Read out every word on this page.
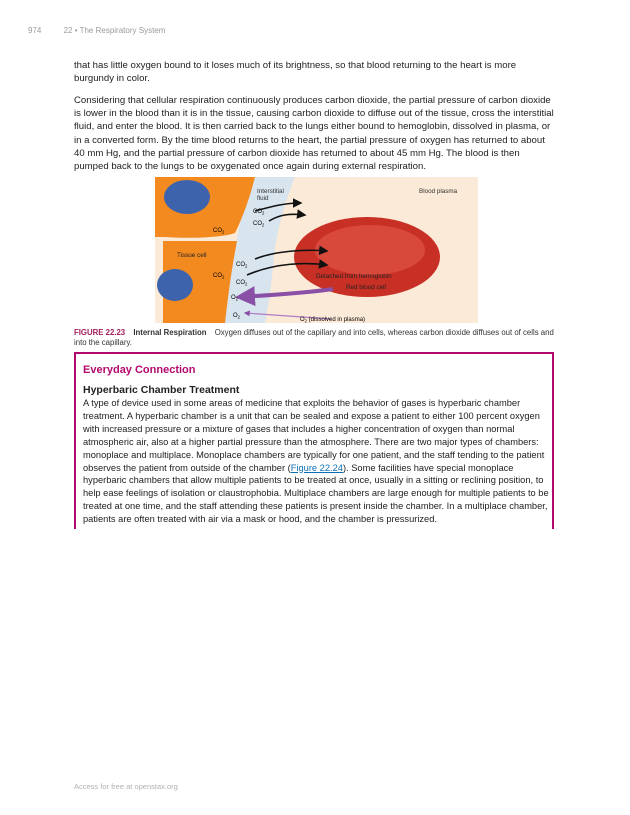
974	22 • The Respiratory System

that has little oxygen bound to it loses much of its brightness, so that blood returning to the heart is more burgundy in color.

Considering that cellular respiration continuously produces carbon dioxide, the partial pressure of carbon dioxide is lower in the blood than it is in the tissue, causing carbon dioxide to diffuse out of the tissue, cross the interstitial fluid, and enter the blood. It is then carried back to the lungs either bound to hemoglobin, dissolved in plasma, or in a converted form. By the time blood returns to the heart, the partial pressure of oxygen has returned to about 40 mm Hg, and the partial pressure of carbon dioxide has returned to about 45 mm Hg. The blood is then pumped back to the lungs to be oxygenated once again during external respiration.

Interstitial
fluid
Blood plasma
Tissue cell
Detached from hemoglobin
Red blood cell
$CO_2$
$CO_2$
$CO_2$
$CO_2$
$CO_2$
$CO_2$
$O_2$
$O_2$	$O_2$ (dissolved in plasma)
FIGURE 22.23 Internal Respiration Oxygen diffuses out of the capillary and into cells, whereas carbon dioxide diffuses out of cells and into the capillary.
Everyday Connection
Hyperbaric Chamber Treatment
A type of device used in some areas of medicine that exploits the behavior of gases is hyperbaric chamber treatment. A hyperbaric chamber is a unit that can be sealed and expose a patient to either 100 percent oxygen with increased pressure or a mixture of gases that includes a higher concentration of oxygen than normal atmospheric air, also at a higher partial pressure than the atmosphere. There are two major types of chambers: monoplace and multiplace. Monoplace chambers are typically for one patient, and the staff tending to the patient observes the patient from outside of the chamber (Figure 22.24). Some facilities have special monoplace hyperbaric chambers that allow multiple patients to be treated at once, usually in a sitting or reclining position, to help ease feelings of isolation or claustrophobia. Multiplace chambers are large enough for multiple patients to be treated at one time, and the staff attending these patients is present inside the chamber. In a multiplace chamber, patients are often treated with air via a mask or hood, and the chamber is pressurized.
Access for free at openstax.org
